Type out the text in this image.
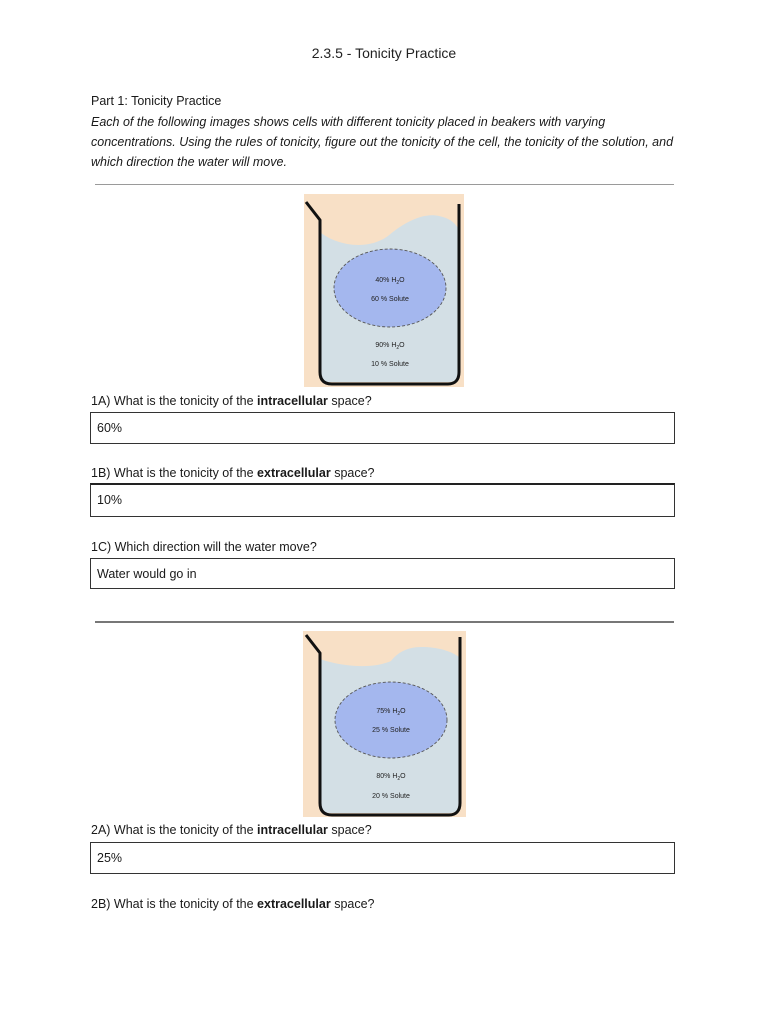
2.3.5 - Tonicity Practice
Part 1: Tonicity Practice
Each of the following images shows cells with different tonicity placed in beakers with varying concentrations. Using the rules of tonicity, figure out the tonicity of the cell, the tonicity of the solution, and which direction the water will move.
40% $H_2O$
60 % Solute
90% $H_2O$
10 % Solute
1A) What is the tonicity of the intracellular space?
60%
1B) What is the tonicity of the extracellular space?
10%
1C) Which direction will the water move?
Water would go in
75% $H_2O$
25 % Solute
80% $H_2O$
20 % Solute
2A) What is the tonicity of the intracellular space?
25%
2B) What is the tonicity of the extracellular space?
